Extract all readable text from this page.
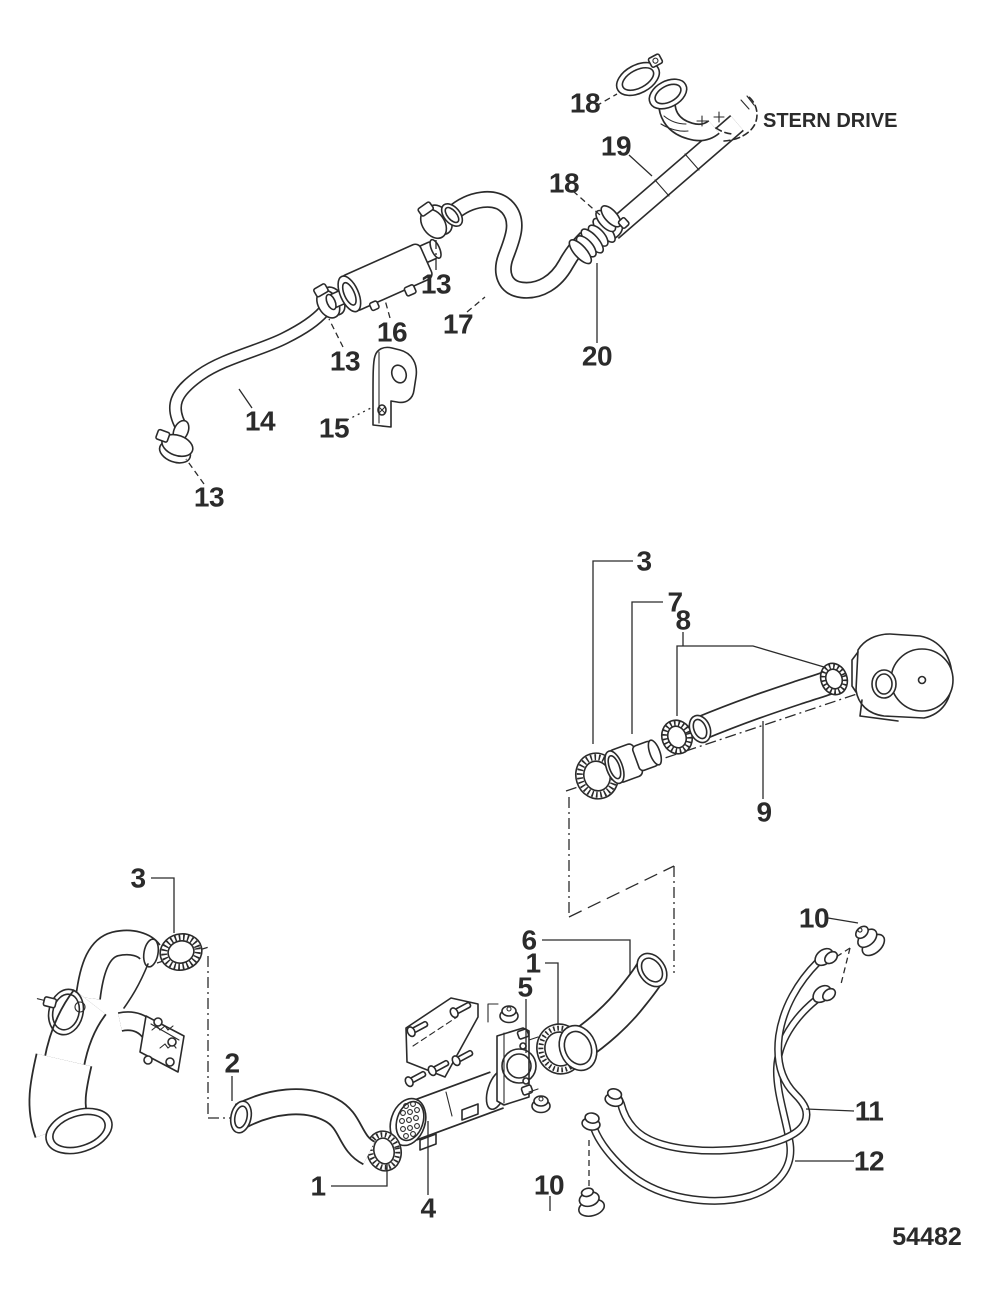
STERN DRIVE
54482
18
19
18
13
17
16
20
13
14 15
13
3
7
8
9
3
10
6
1
5
2
11
12
1	10
4
